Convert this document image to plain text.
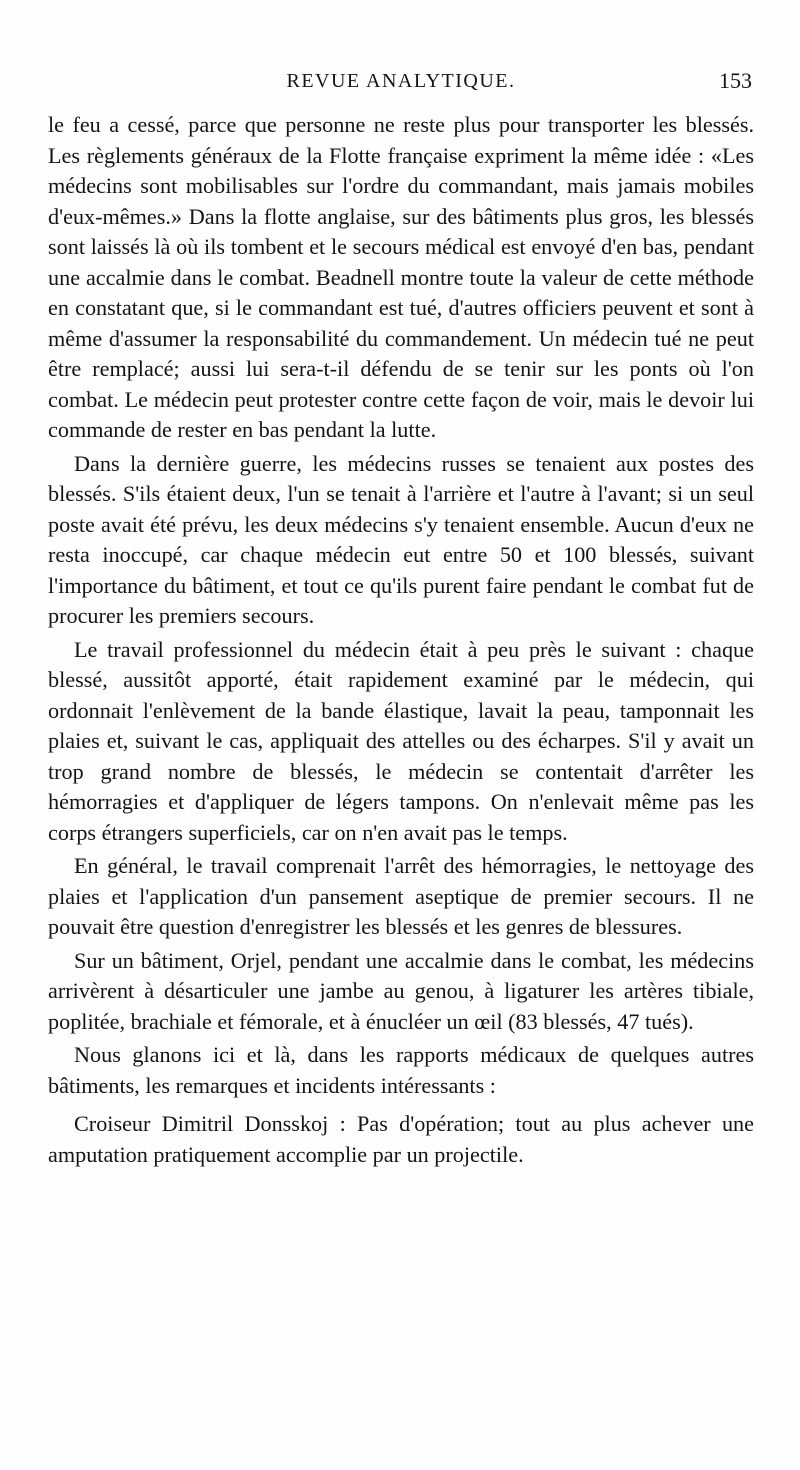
REVUE ANALYTIQUE.	153

le feu a cessé, parce que personne ne reste plus pour transporter les blessés. Les règlements généraux de la Flotte française expriment la même idée : «Les médecins sont mobilisables sur l'ordre du commandant, mais jamais mobiles d'eux-mêmes.» Dans la flotte anglaise, sur des bâtiments plus gros, les blessés sont laissés là où ils tombent et le secours médical est envoyé d'en bas, pendant une accalmie dans le combat. Beadnell montre toute la valeur de cette méthode en constatant que, si le commandant est tué, d'autres officiers peuvent et sont à même d'assumer la responsabilité du commandement. Un médecin tué ne peut être remplacé; aussi lui sera-t-il défendu de se tenir sur les ponts où l'on combat. Le médecin peut protester contre cette façon de voir, mais le devoir lui commande de rester en bas pendant la lutte.

Dans la dernière guerre, les médecins russes se tenaient aux postes des blessés. S'ils étaient deux, l'un se tenait à l'arrière et l'autre à l'avant; si un seul poste avait été prévu, les deux médecins s'y tenaient ensemble. Aucun d'eux ne resta inoccupé, car chaque médecin eut entre 50 et 100 blessés, suivant l'importance du bâtiment, et tout ce qu'ils purent faire pendant le combat fut de procurer les premiers secours.

Le travail professionnel du médecin était à peu près le suivant : chaque blessé, aussitôt apporté, était rapidement examiné par le médecin, qui ordonnait l'enlèvement de la bande élastique, lavait la peau, tamponnait les plaies et, suivant le cas, appliquait des attelles ou des écharpes. S'il y avait un trop grand nombre de blessés, le médecin se contentait d'arrêter les hémorragies et d'appliquer de légers tampons. On n'enlevait même pas les corps étrangers superficiels, car on n'en avait pas le temps.

En général, le travail comprenait l'arrêt des hémorragies, le nettoyage des plaies et l'application d'un pansement aseptique de premier secours. Il ne pouvait être question d'enregistrer les blessés et les genres de blessures.

Sur un bâtiment, Orjel, pendant une accalmie dans le combat, les médecins arrivèrent à désarticuler une jambe au genou, à ligaturer les artères tibiale, poplitée, brachiale et fémorale, et à énucléer un œil (83 blessés, 47 tués).

Nous glanons ici et là, dans les rapports médicaux de quelques autres bâtiments, les remarques et incidents intéressants :

Croiseur Dimitril Donsskoj : Pas d'opération; tout au plus achever une amputation pratiquement accomplie par un projectile.
